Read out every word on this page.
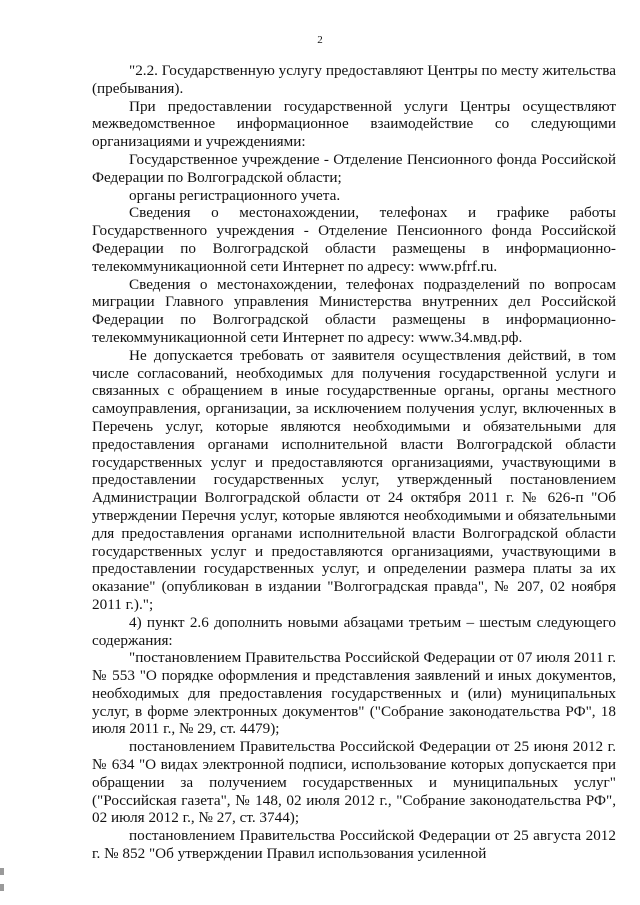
2

"2.2. Государственную услугу предоставляют Центры по месту жительства (пребывания).

При предоставлении государственной услуги Центры осуществляют межведомственное информационное взаимодействие со следующими организациями и учреждениями:

Государственное учреждение - Отделение Пенсионного фонда Российской Федерации по Волгоградской области;

органы регистрационного учета.

Сведения о местонахождении, телефонах и графике работы Государственного учреждения - Отделение Пенсионного фонда Российской Федерации по Волгоградской области размещены в информационно-телекоммуникационной сети Интернет по адресу: www.pfrf.ru.

Сведения о местонахождении, телефонах подразделений по вопросам миграции Главного управления Министерства внутренних дел Российской Федерации по Волгоградской области размещены в информационно-телекоммуникационной сети Интернет по адресу: www.34.мвд.рф.

Не допускается требовать от заявителя осуществления действий, в том числе согласований, необходимых для получения государственной услуги и связанных с обращением в иные государственные органы, органы местного самоуправления, организации, за исключением получения услуг, включенных в Перечень услуг, которые являются необходимыми и обязательными для предоставления органами исполнительной власти Волгоградской области государственных услуг и предоставляются организациями, участвующими в предоставлении государственных услуг, утвержденный постановлением Администрации Волгоградской области от 24 октября 2011 г. № 626-п "Об утверждении Перечня услуг, которые являются необходимыми и обязательными для предоставления органами исполнительной власти Волгоградской области государственных услуг и предоставляются организациями, участвующими в предоставлении государственных услуг, и определении размера платы за их оказание" (опубликован в издании "Волгоградская правда", № 207, 02 ноября 2011 г.).";

4) пункт 2.6 дополнить новыми абзацами третьим – шестым следующего содержания:

"постановлением Правительства Российской Федерации от 07 июля 2011 г. № 553 "О порядке оформления и представления заявлений и иных документов, необходимых для предоставления государственных и (или) муниципальных услуг, в форме электронных документов" ("Собрание законодательства РФ", 18 июля 2011 г., № 29, ст. 4479);

постановлением Правительства Российской Федерации от 25 июня 2012 г. № 634 "О видах электронной подписи, использование которых допускается при обращении за получением государственных и муниципальных услуг" ("Российская газета", № 148, 02 июля 2012 г., "Собрание законодательства РФ", 02 июля 2012 г., № 27, ст. 3744);

постановлением Правительства Российской Федерации от 25 августа 2012 г. № 852 "Об утверждении Правил использования усиленной
